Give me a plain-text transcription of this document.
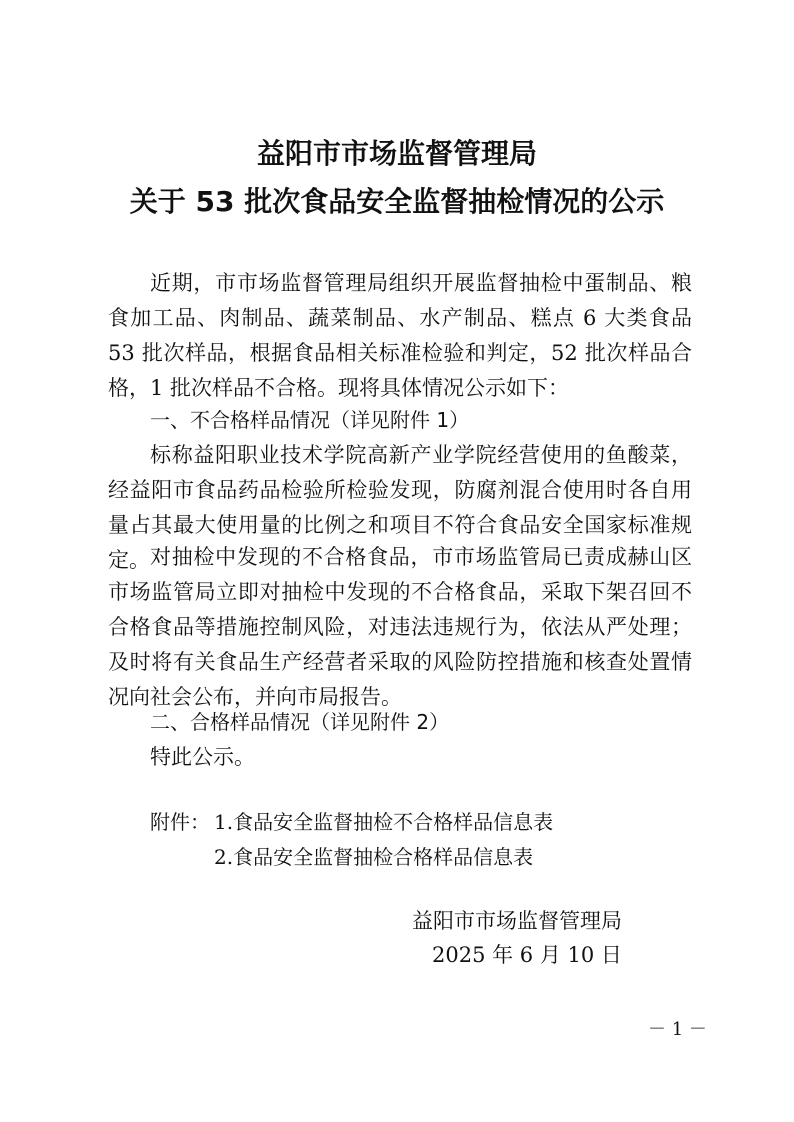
益阳市市场监督管理局
关于 53 批次食品安全监督抽检情况的公示

近期，市市场监督管理局组织开展监督抽检中蛋制品、粮食加工品、肉制品、蔬菜制品、水产制品、糕点 6 大类食品 53 批次样品，根据食品相关标准检验和判定，52 批次样品合格，1 批次样品不合格。现将具体情况公示如下：

一、不合格样品情况（详见附件 1）

标称益阳职业技术学院高新产业学院经营使用的鱼酸菜，经益阳市食品药品检验所检验发现，防腐剂混合使用时各自用量占其最大使用量的比例之和项目不符合食品安全国家标准规定。 对抽检中发现的不合格食品，市市场监管局已责成赫山区市场监管局立即对抽检中发现的不合格食品，采取下架召回不合格食品等措施控制风险，对违法违规行为，依法从严处理；及时将有关食品生产经营者采取的风险防控措施和核查处置情况向社会公布，并向市局报告。

二、合格样品情况（详见附件 2）

特此公示。

附件： 1.食品安全监督抽检不合格样品信息表
2.食品安全监督抽检合格样品信息表
益阳市市场监督管理局
2025 年 6 月 10 日
－ 1 －
